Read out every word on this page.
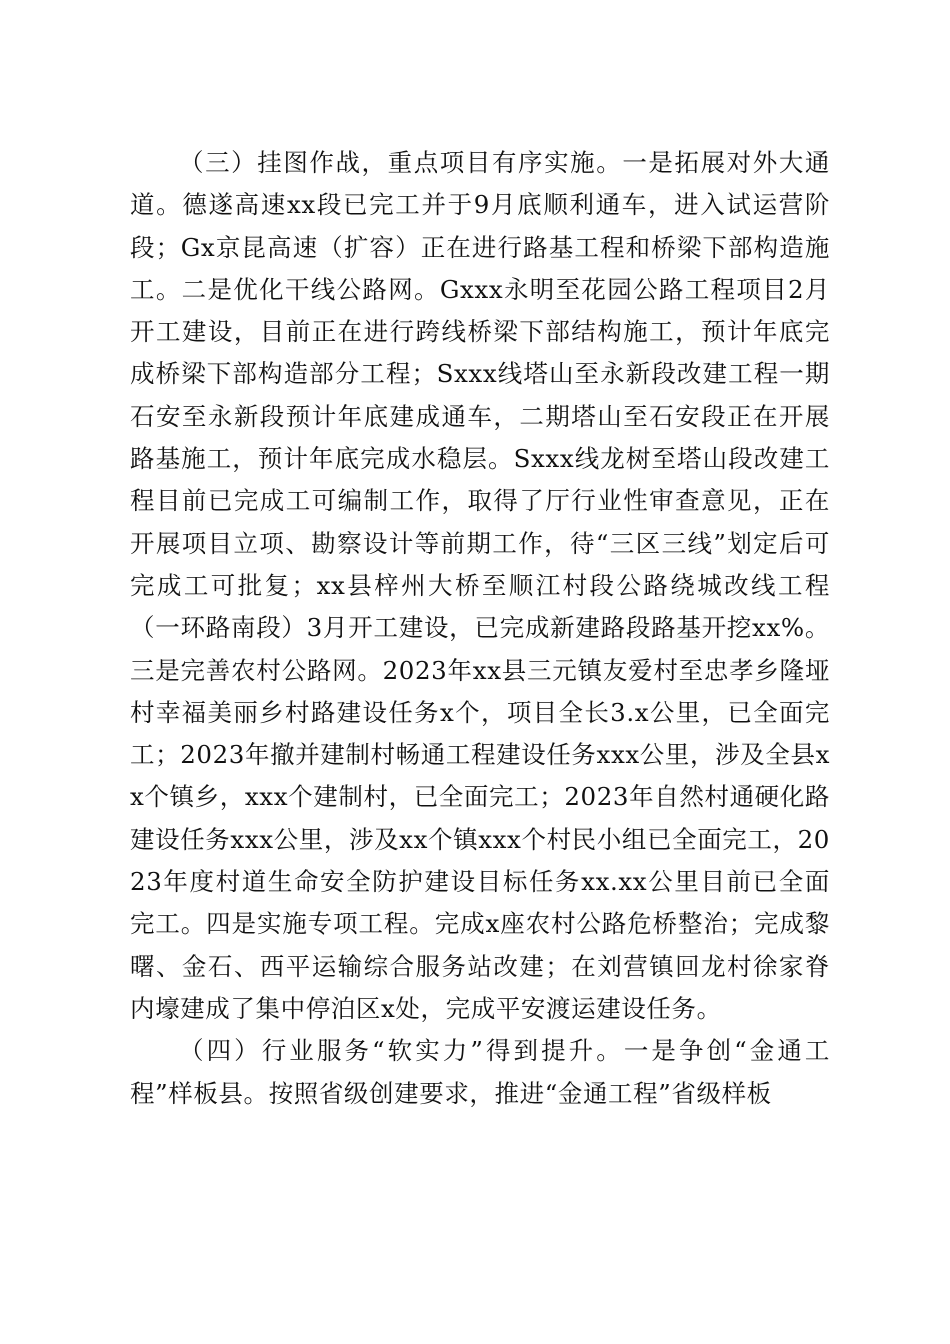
（三）挂图作战，重点项目有序实施。一是拓展对外大通道。德遂高速xx段已完工并于9月底顺利通车，进入试运营阶段；Gx京昆高速（扩容）正在进行路基工程和桥梁下部构造施工。二是优化干线公路网。Gxxx永明至花园公路工程项目2月开工建设，目前正在进行跨线桥梁下部结构施工，预计年底完成桥梁下部构造部分工程；Sxxx线塔山至永新段改建工程一期石安至永新段预计年底建成通车，二期塔山至石安段正在开展路基施工，预计年底完成水稳层。Sxxx线龙树至塔山段改建工程目前已完成工可编制工作，取得了厅行业性审查意见，正在开展项目立项、勘察设计等前期工作，待“三区三线”划定后可完成工可批复；xx县梓州大桥至顺江村段公路绕城改线工程（一环路南段）3月开工建设，已完成新建路段路基开挖xx%。三是完善农村公路网。2023年xx县三元镇友爱村至忠孝乡隆垭村幸福美丽乡村路建设任务x个，项目全长3.x公里，已全面完工；2023年撤并建制村畅通工程建设任务xxx公里，涉及全县xx个镇乡，xxx个建制村，已全面完工；2023年自然村通硬化路建设任务xxx公里，涉及xx个镇xxx个村民小组已全面完工，2023年度村道生命安全防护建设目标任务xx.xx公里目前已全面完工。四是实施专项工程。完成x座农村公路危桥整治；完成黎曙、金石、西平运输综合服务站改建；在刘营镇回龙村徐家脊内壕建成了集中停泊区x处，完成平安渡运建设任务。

（四）行业服务“软实力”得到提升。一是争创“金通工程”样板县。按照省级创建要求，推进“金通工程”省级样板
